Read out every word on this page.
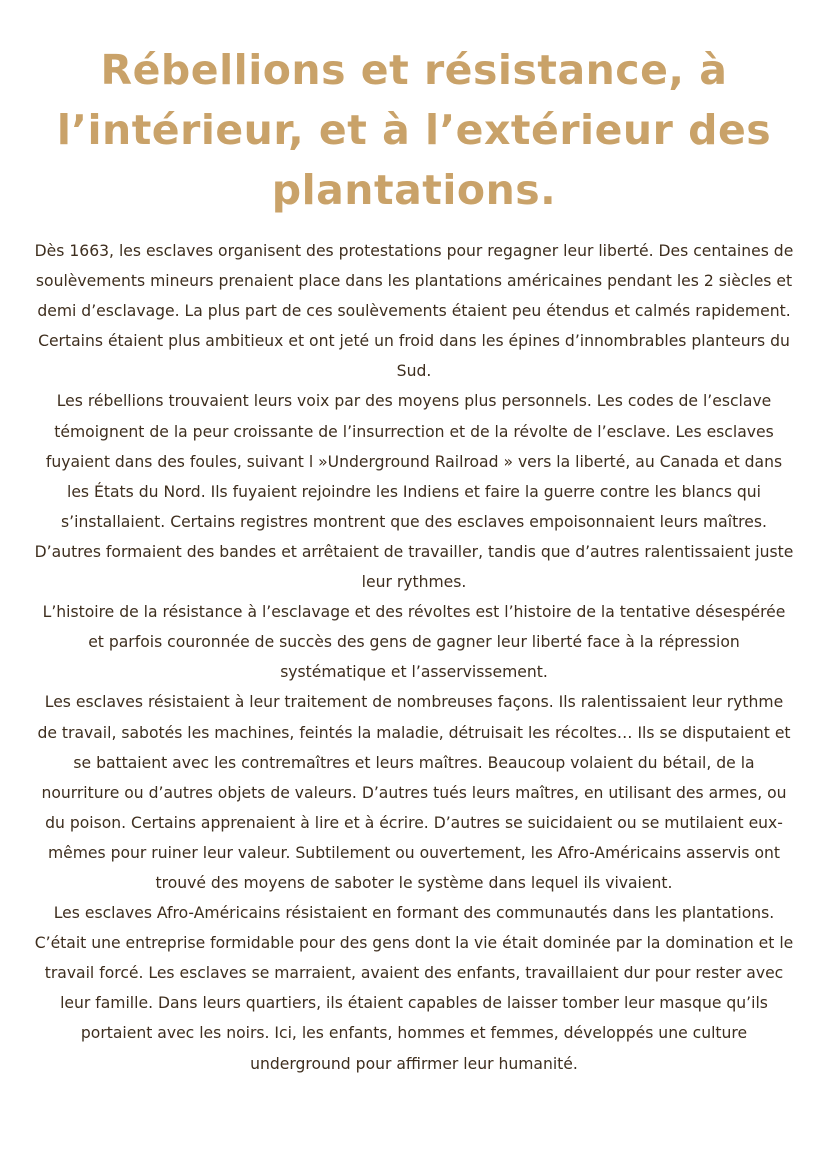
Rébellions et résistance, à l’intérieur, et à l’extérieur des plantations.

Dès 1663, les esclaves organisent des protestations pour regagner leur liberté. Des centaines de soulèvements mineurs prenaient place dans les plantations américaines pendant les 2 siècles et demi d’esclavage. La plus part de ces soulèvements étaient peu étendus et calmés rapidement. Certains étaient plus ambitieux et ont jeté un froid dans les épines d’innombrables planteurs du Sud.

Les rébellions trouvaient leurs voix par des moyens plus personnels. Les codes de l’esclave témoignent de la peur croissante de l’insurrection et de la révolte de l’esclave. Les esclaves fuyaient dans des foules, suivant l »Underground Railroad » vers la liberté, au Canada et dans les États du Nord. Ils fuyaient rejoindre les Indiens et faire la guerre contre les blancs qui s’installaient. Certains registres montrent que des esclaves empoisonnaient leurs maîtres. D’autres formaient des bandes et arrêtaient de travailler, tandis que d’autres ralentissaient juste leur rythmes.

L’histoire de la résistance à l’esclavage et des révoltes est l’histoire de la tentative désespérée et parfois couronnée de succès des gens de gagner leur liberté face à la répression systématique et l’asservissement.

Les esclaves résistaient à leur traitement de nombreuses façons. Ils ralentissaient leur rythme de travail, sabotés les machines, feintés la maladie, détruisait les récoltes… Ils se disputaient et se battaient avec les contremaîtres et leurs maîtres. Beaucoup volaient du bétail, de la nourriture ou d’autres objets de valeurs. D’autres tués leurs maîtres, en utilisant des armes, ou du poison. Certains apprenaient à lire et à écrire. D’autres se suicidaient ou se mutilaient eux-mêmes pour ruiner leur valeur. Subtilement ou ouvertement, les Afro-Américains asservis ont trouvé des moyens de saboter le système dans lequel ils vivaient.

Les esclaves Afro-Américains résistaient en formant des communautés dans les plantations. C’était une entreprise formidable pour des gens dont la vie était dominée par la domination et le travail forcé. Les esclaves se marraient, avaient des enfants, travaillaient dur pour rester avec leur famille. Dans leurs quartiers, ils étaient capables de laisser tomber leur masque qu’ils portaient avec les noirs. Ici, les enfants, hommes et femmes, développés une culture underground pour affirmer leur humanité.
